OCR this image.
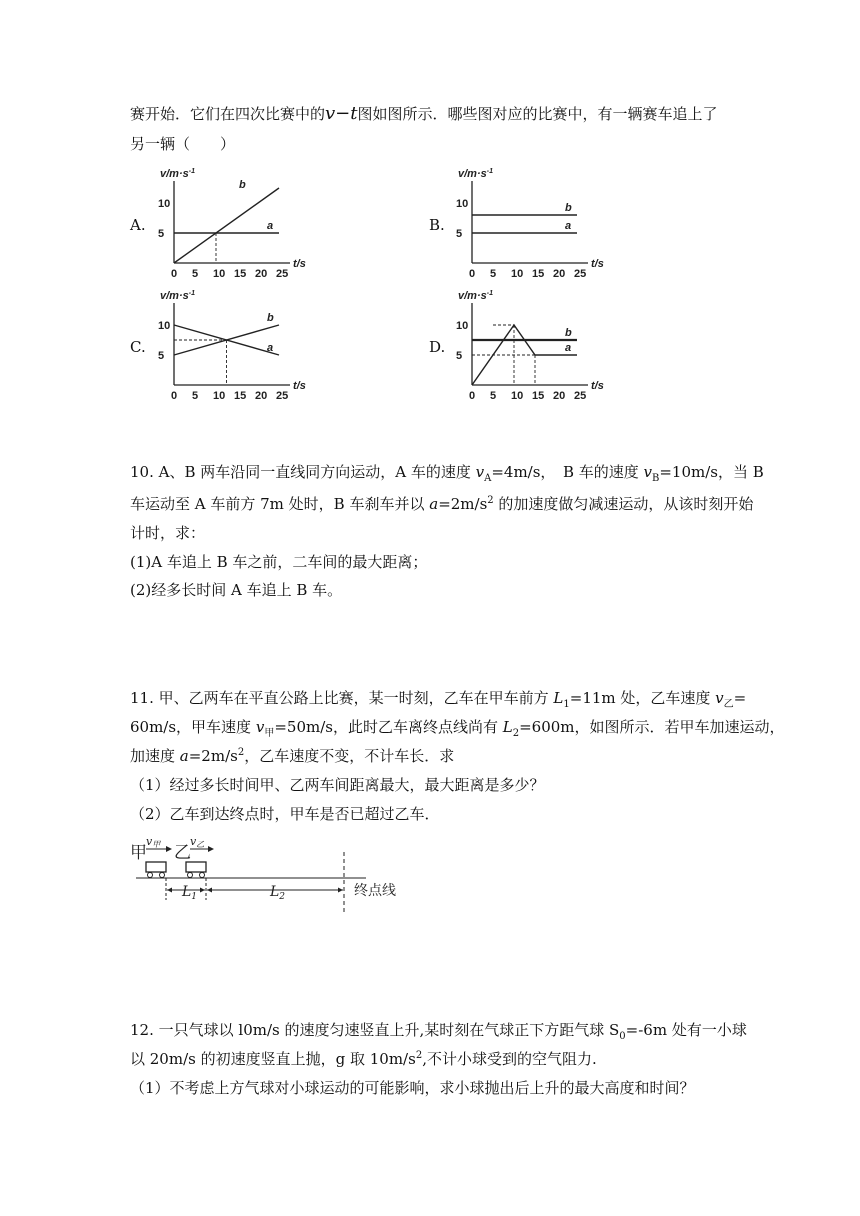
赛开始．它们在四次比赛中的v−t图如图所示．哪些图对应的比赛中，有一辆赛车追上了
另一辆（　　）
A.	B.
C.	D.
$v/m\cdot s^{-1}$
t/s
0 5 10 15 20 25
10
5
a
b
$v/m\cdot s^{-1}$
t/s
0 5 10 15 20 25
10
5
a
b
$v/m\cdot s^{-1}$
t/s
0 5 10 15 20 25
10
5
a
b
$v/m\cdot s^{-1}$
t/s
0 5 10 15 20 25
10
5
a
b
10. A、B 两车沿同一直线同方向运动，A 车的速度 $v_A=4m/s$，　B 车的速度 $v_B=10m/s$，当 B
车运动至 A 车前方 7m 处时，B 车刹车并以 $a=2m/s^2$ 的加速度做匀减速运动，从该时刻开始
计时，求：
(1)A 车追上 B 车之前，二车间的最大距离；
(2)经多长时间 A 车追上 B 车。
11. 甲、乙两车在平直公路上比赛，某一时刻，乙车在甲车前方 $L_1=11m$ 处，乙车速度 $v_乙=$
60m/s，甲车速度 $v_甲=50m/s$，此时乙车离终点线尚有 $L_2=600m$，如图所示．若甲车加速运动，
加速度 $a=2m/s^2$，乙车速度不变，不计车长．求
（1）经过多长时间甲、乙两车间距离最大，最大距离是多少？
（2）乙车到达终点时，甲车是否已超过乙车．
甲
v甲 乙
v乙
$L_1$	$L_2$	终点线
12. 一只气球以 l0m/s 的速度匀速竖直上升,某时刻在气球正下方距气球 $S_0=-6m$ 处有一小球
以 20m/s 的初速度竖直上抛，g 取 $10m/s^2$,不计小球受到的空气阻力.
（1）不考虑上方气球对小球运动的可能影响，求小球抛出后上升的最大高度和时间？
